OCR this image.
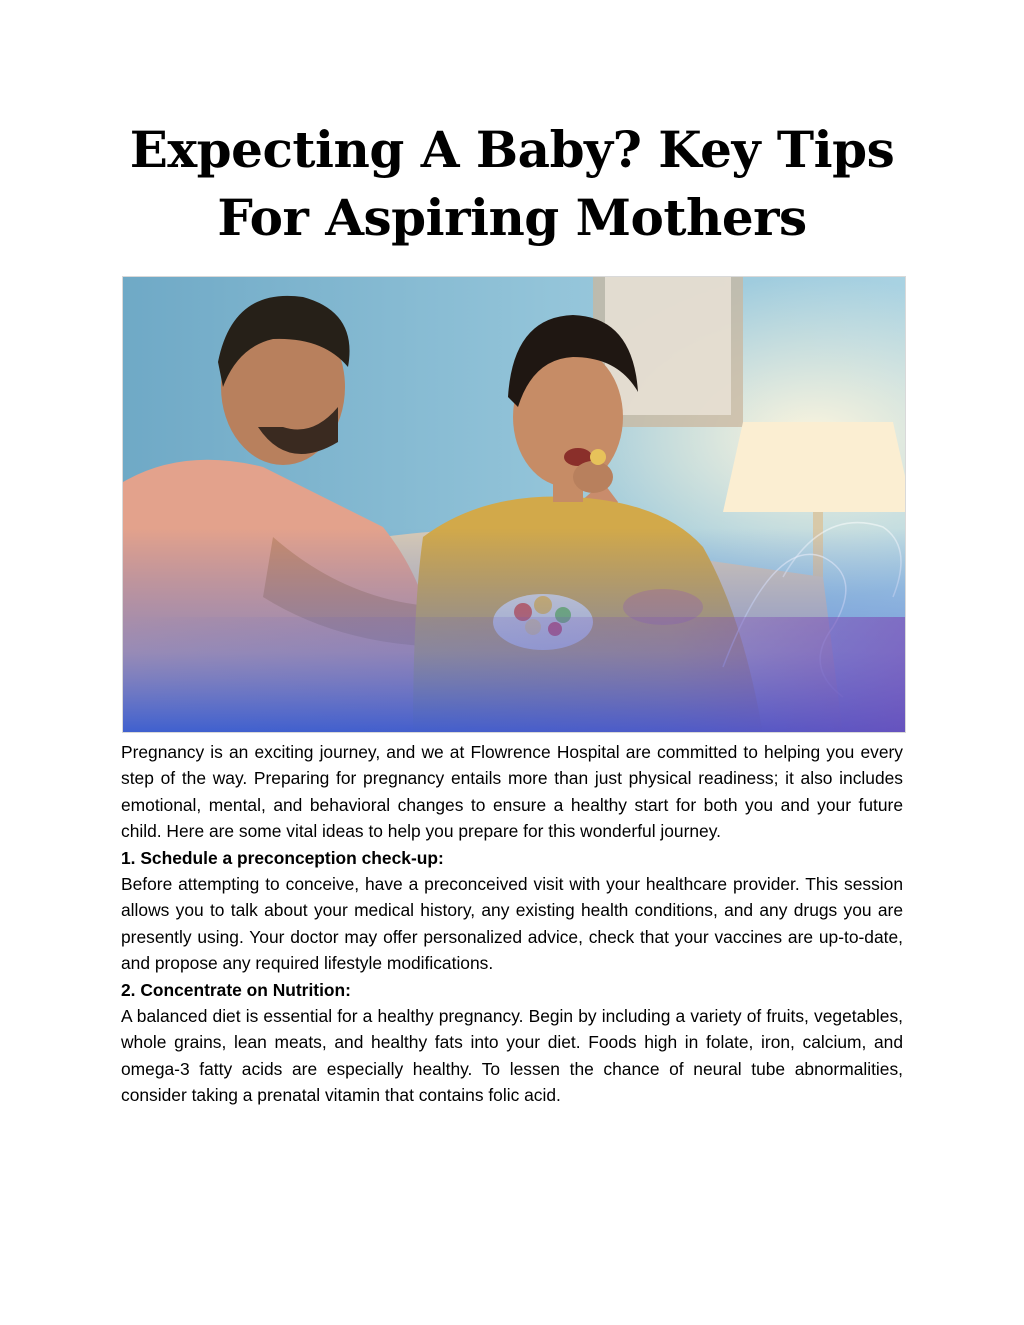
Expecting A Baby? Key Tips
For Aspiring Mothers

Pregnancy is an exciting journey, and we at Flowrence Hospital are committed to helping you every step of the way. Preparing for pregnancy entails more than just physical readiness; it also includes emotional, mental, and behavioral changes to ensure a healthy start for both you and your future child. Here are some vital ideas to help you prepare for this wonderful journey.

1. Schedule a preconception check-up:

Before attempting to conceive, have a preconceived visit with your healthcare provider. This session allows you to talk about your medical history, any existing health conditions, and any drugs you are presently using. Your doctor may offer personalized advice, check that your vaccines are up-to-date, and propose any required lifestyle modifications.

2. Concentrate on Nutrition:

A balanced diet is essential for a healthy pregnancy. Begin by including a variety of fruits, vegetables, whole grains, lean meats, and healthy fats into your diet. Foods high in folate, iron, calcium, and omega-3 fatty acids are especially healthy. To lessen the chance of neural tube abnormalities, consider taking a prenatal vitamin that contains folic acid.
